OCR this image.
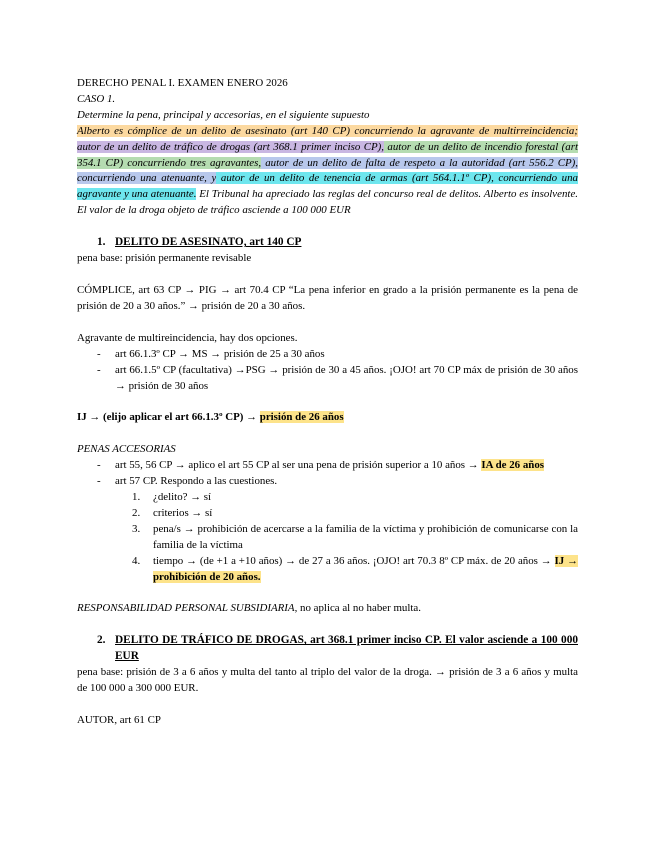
DERECHO PENAL I. EXAMEN ENERO 2026

CASO 1.

Determine la pena, principal y accesorias, en el siguiente supuesto

Alberto es cómplice de un delito de asesinato (art 140 CP) concurriendo la agravante de multirreincidencia; autor de un delito de tráfico de drogas (art 368.1 primer inciso CP), autor de un delito de incendio forestal (art 354.1 CP) concurriendo tres agravantes, autor de un delito de falta de respeto a la autoridad (art 556.2 CP), concurriendo una atenuante, y autor de un delito de tenencia de armas (art 564.1.1º CP), concurriendo una agravante y una atenuante. El Tribunal ha apreciado las reglas del concurso real de delitos. Alberto es insolvente. El valor de la droga objeto de tráfico asciende a 100 000 EUR

1. DELITO DE ASESINATO, art 140 CP

pena base: prisión permanente revisable

CÓMPLICE, art 63 CP → PIG → art 70.4 CP “La pena inferior en grado a la prisión permanente es la pena de prisión de 20 a 30 años.” → prisión de 20 a 30 años.

Agravante de multireincidencia, hay dos opciones.

-	art 66.1.3º CP → MS → prisión de 25 a 30 años
-	art 66.1.5º CP (facultativa) →PSG → prisión de 30 a 45 años. ¡OJO! art 70 CP máx de prisión de 30 años → prisión de 30 años

IJ → (elijo aplicar el art 66.1.3º CP) → prisión de 26 años

PENAS ACCESORIAS

-	art 55, 56 CP → aplico el art 55 CP al ser una pena de prisión superior a 10 años → IA de 26 años
-	art 57 CP. Respondo a las cuestiones.
1.	¿delito? → sí
2.	criterios → sí
3.	pena/s → prohibición de acercarse a la familia de la víctima y prohibición de comunicarse con la familia de la víctima
4.	tiempo → (de +1 a +10 años) → de 27 a 36 años. ¡OJO! art 70.3 8º CP máx. de 20 años → IJ → prohibición de 20 años.

RESPONSABILIDAD PERSONAL SUBSIDIARIA, no aplica al no haber multa.

2. DELITO DE TRÁFICO DE DROGAS, art 368.1 primer inciso CP. El valor asciende a 100 000 EUR

pena base: prisión de 3 a 6 años y multa del tanto al triplo del valor de la droga. → prisión de 3 a 6 años y multa de 100 000 a 300 000 EUR.

AUTOR, art 61 CP
